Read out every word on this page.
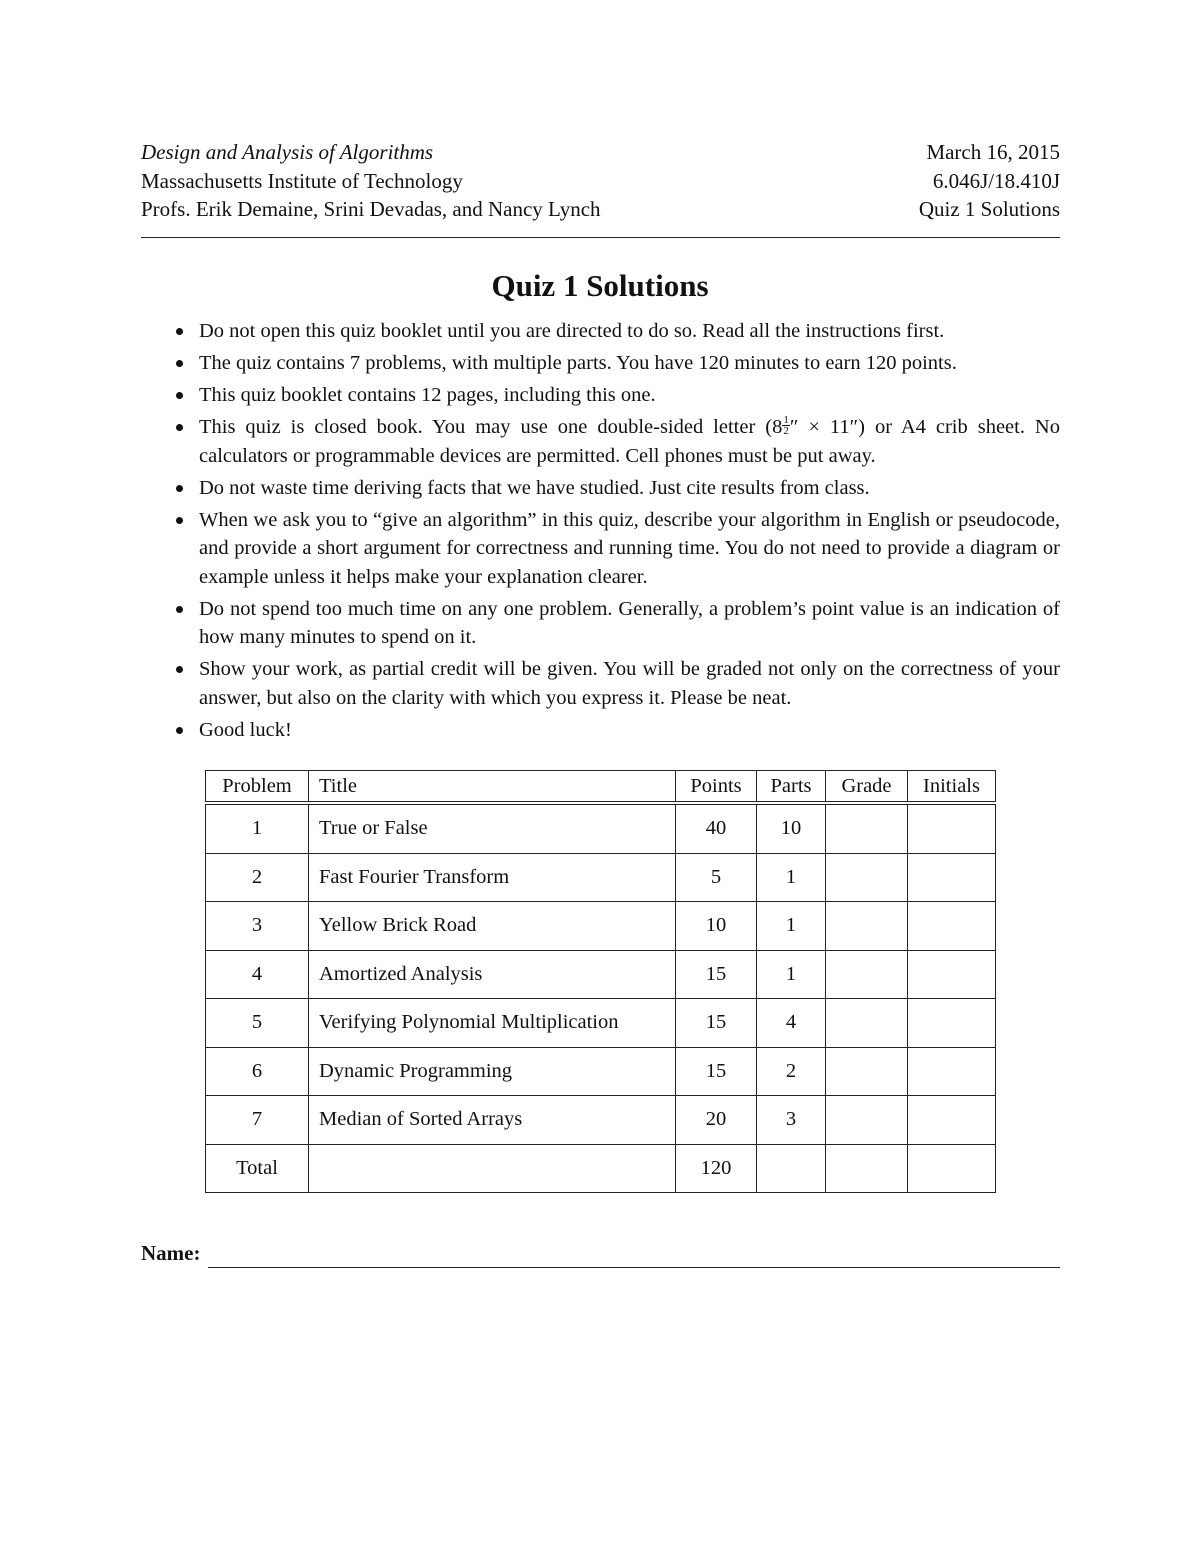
Design and Analysis of Algorithms	March 16, 2015
Massachusetts Institute of Technology	6.046J/18.410J
Profs. Erik Demaine, Srini Devadas, and Nancy Lynch	Quiz 1 Solutions
Quiz 1 Solutions
Do not open this quiz booklet until you are directed to do so. Read all the instructions first.
The quiz contains 7 problems, with multiple parts. You have 120 minutes to earn 120 points.
This quiz booklet contains 12 pages, including this one.
This quiz is closed book. You may use one double-sided letter ($8 \frac{1}{2}$ ″ × 11″) or A4 crib sheet. No calculators or programmable devices are permitted. Cell phones must be put away.
Do not waste time deriving facts that we have studied. Just cite results from class.
When we ask you to “give an algorithm” in this quiz, describe your algorithm in English or pseudocode, and provide a short argument for correctness and running time. You do not need to provide a diagram or example unless it helps make your explanation clearer.
Do not spend too much time on any one problem. Generally, a problem’s point value is an indication of how many minutes to spend on it.
Show your work, as partial credit will be given. You will be graded not only on the correctness of your answer, but also on the clarity with which you express it. Please be neat.
Good luck!
Problem	Title	Points	Parts	Grade	Initials
1	True or False	40	10		
2	Fast Fourier Transform	5	1		
3	Yellow Brick Road	10	1		
4	Amortized Analysis	15	1		
5	Verifying Polynomial Multiplication	15	4		
6	Dynamic Programming	15	2		
7	Median of Sorted Arrays	20	3		
Total		120			
Name:
